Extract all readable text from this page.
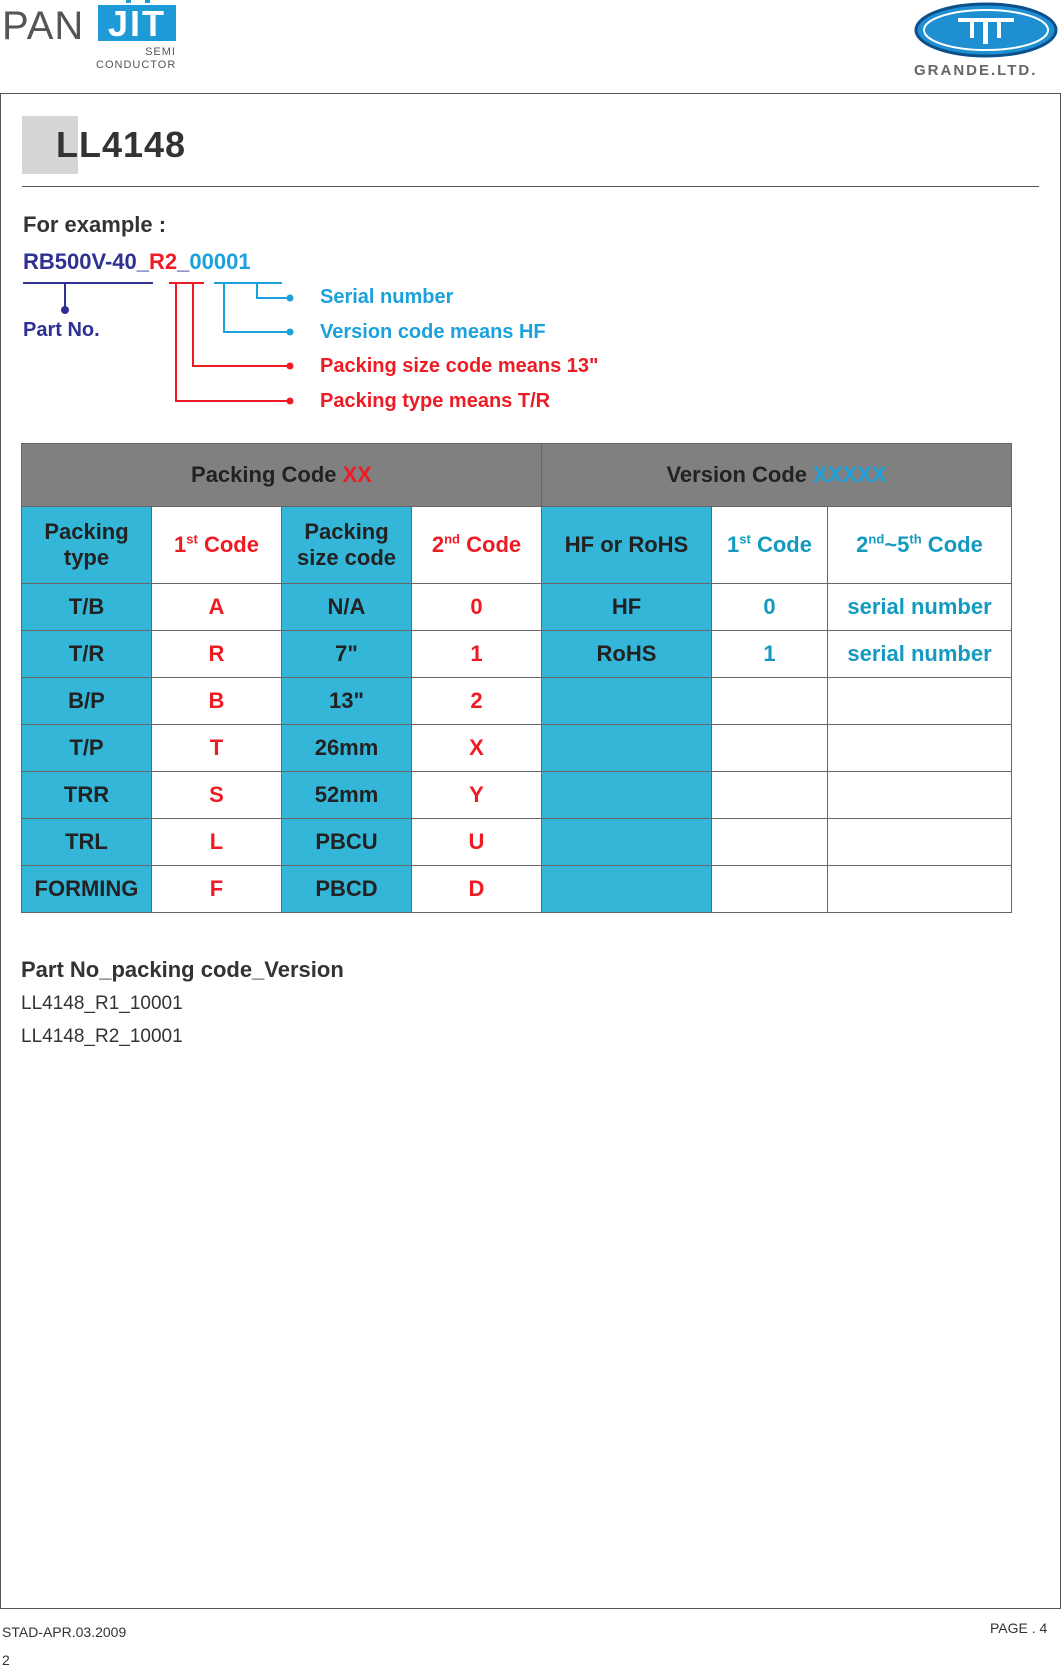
PAN JIT
SEMI
CONDUCTOR	GRANDE.LTD.
LL4148
For example :
RB500V-40_R2_00001
Part No.
Serial number
Version code means HF
Packing size code means 13"
Packing type means T/R
Packing Code XX				Version Code XXXXX		
Packing type	1st Code	Packing size code	2nd Code	HF or RoHS	1st Code	2nd~5th Code
T/B	A	N/A	0	HF	0	serial number
T/R	R	7"	1	RoHS	1	serial number
B/P	B	13"	2			
T/P	T	26mm	X			
TRR	S	52mm	Y			
TRL	L	PBCU	U			
FORMING	F	PBCD	D			
Part No_packing code_Version
LL4148_R1_10001
LL4148_R2_10001
STAD-APR.03.2009
2
PAGE . 4
